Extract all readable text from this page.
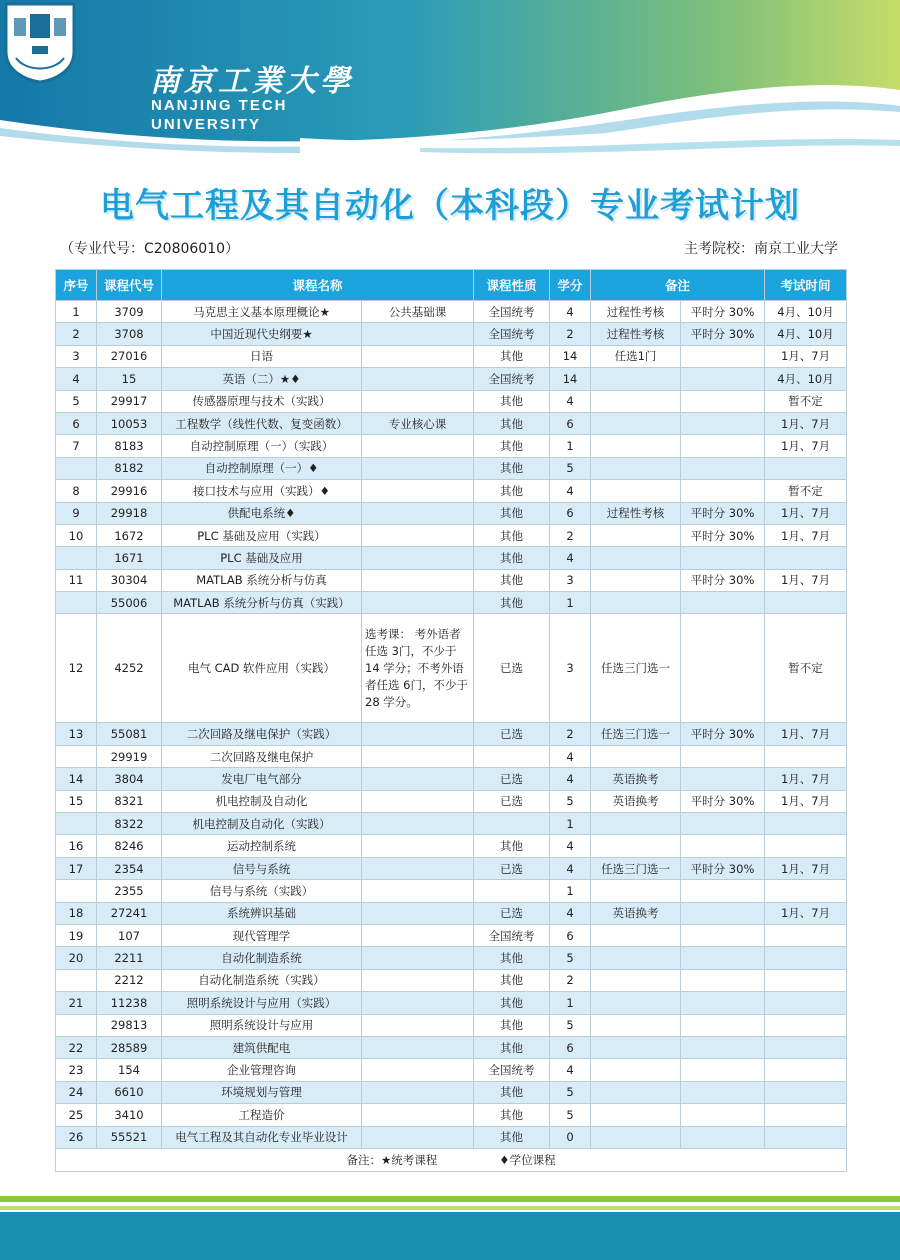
南京工業大學
NANJING TECH
UNIVERSITY
电气工程及其自动化（本科段）专业考试计划
（专业代号：C20806010）	主考院校：南京工业大学
序号	课程代号	课程名称		课程性质	学分	备注		考试时间
1	3709	马克思主义基本原理概论★	公共基础课	全国统考	4	过程性考核	平时分 30%	4月、10月
2	3708	中国近现代史纲要★		全国统考	2	过程性考核	平时分 30%	4月、10月
3	27016	日语		其他	14	任选1门		1月、7月
4	15	英语（二）★♦		全国统考	14			4月、10月
5	29917	传感器原理与技术（实践）		其他	4			暂不定
6	10053	工程数学（线性代数、复变函数）	专业核心课	其他	6			1月、7月
7	8183	自动控制原理（一）（实践）		其他	1			1月、7月
	8182	自动控制原理（一）♦		其他	5			
8	29916	接口技术与应用（实践）♦		其他	4			暂不定
9	29918	供配电系统♦		其他	6	过程性考核	平时分 30%	1月、7月
10	1672	PLC 基础及应用（实践）		其他	2		平时分 30%	1月、7月
	1671	PLC 基础及应用		其他	4			
11	30304	MATLAB 系统分析与仿真		其他	3		平时分 30%	1月、7月
	55006	MATLAB 系统分析与仿真（实践）		其他	1			
12	4252	电气 CAD 软件应用（实践）	选考课： 考外语者任选 3门，不少于 14 学分；不考外语者任选 6门，不少于 28 学分。	已选	3	任选三门选一		暂不定
13	55081	二次回路及继电保护（实践）		已选	2	任选三门选一	平时分 30%	1月、7月
	29919	二次回路及继电保护			4			
14	3804	发电厂电气部分		已选	4	英语换考		1月、7月
15	8321	机电控制及自动化		已选	5	英语换考	平时分 30%	1月、7月
	8322	机电控制及自动化（实践）			1			
16	8246	运动控制系统		其他	4			
17	2354	信号与系统		已选	4	任选三门选一	平时分 30%	1月、7月
	2355	信号与系统（实践）			1			
18	27241	系统辨识基础		已选	4	英语换考		1月、7月
19	107	现代管理学		全国统考	6			
20	2211	自动化制造系统		其他	5			
	2212	自动化制造系统（实践）		其他	2			
21	11238	照明系统设计与应用（实践）		其他	1			
	29813	照明系统设计与应用		其他	5			
22	28589	建筑供配电		其他	6			
23	154	企业管理咨询		全国统考	4			
24	6610	环境规划与管理		其他	5			
25	3410	工程造价		其他	5			
26	55521	电气工程及其自动化专业毕业设计		其他	0			
备注：★统考课程 ♦学位课程								
